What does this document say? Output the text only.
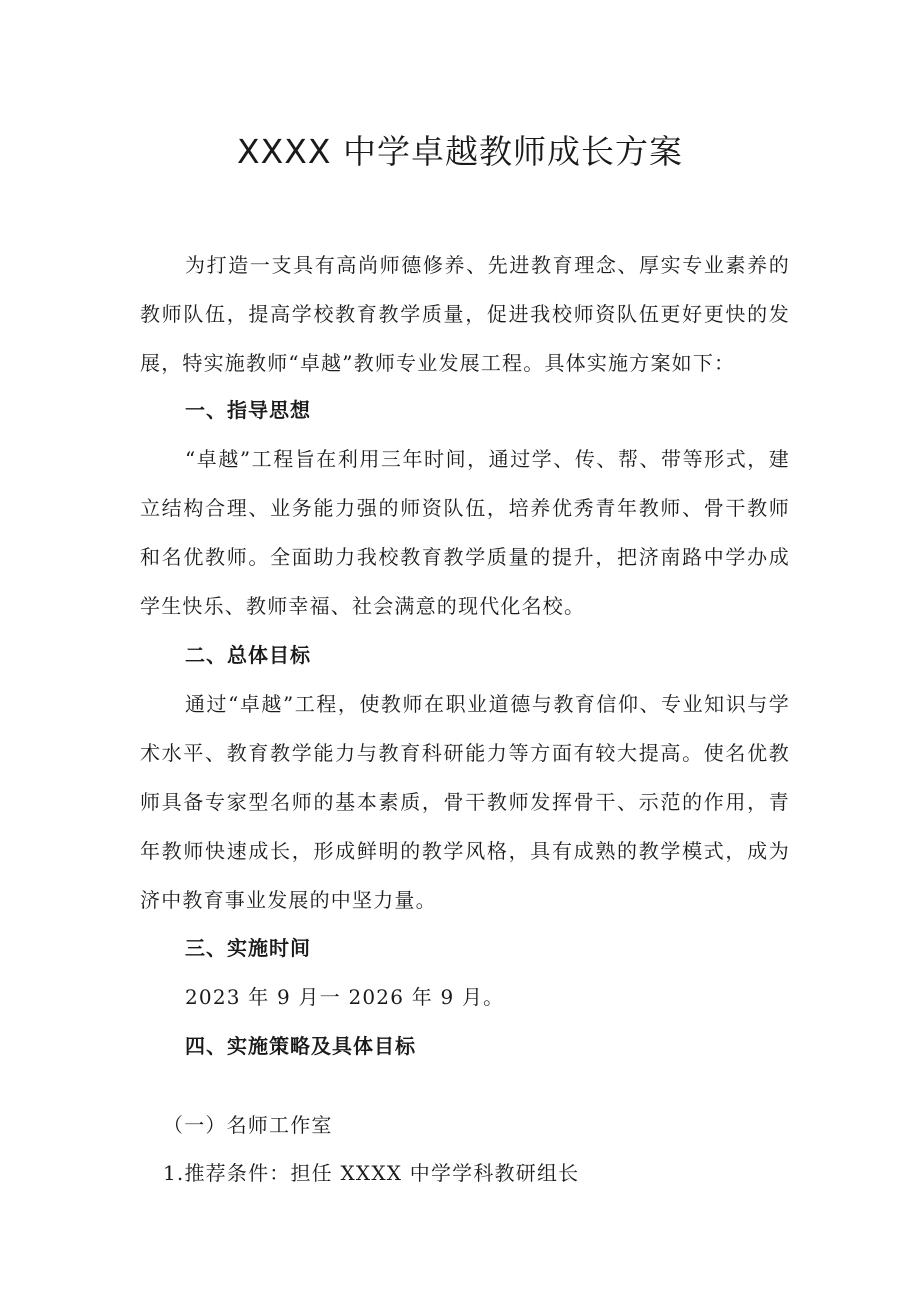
XXXX 中学卓越教师成长方案
为打造一支具有高尚师德修养、先进教育理念、厚实专业素养的教师队伍，提高学校教育教学质量，促进我校师资队伍更好更快的发展，特实施教师“卓越”教师专业发展工程。具体实施方案如下：
一、指导思想
“卓越”工程旨在利用三年时间，通过学、传、帮、带等形式，建立结构合理、业务能力强的师资队伍，培养优秀青年教师、骨干教师和名优教师。全面助力我校教育教学质量的提升，把济南路中学办成学生快乐、教师幸福、社会满意的现代化名校。
二、总体目标
通过“卓越”工程，使教师在职业道德与教育信仰、专业知识与学术水平、教育教学能力与教育科研能力等方面有较大提高。使名优教师具备专家型名师的基本素质，骨干教师发挥骨干、示范的作用，青年教师快速成长，形成鲜明的教学风格，具有成熟的教学模式，成为济中教育事业发展的中坚力量。
三、实施时间
2023 年 9 月一 2026 年 9 月。
四、实施策略及具体目标
（一）名师工作室
1.推荐条件：担任 XXXX 中学学科教研组长
